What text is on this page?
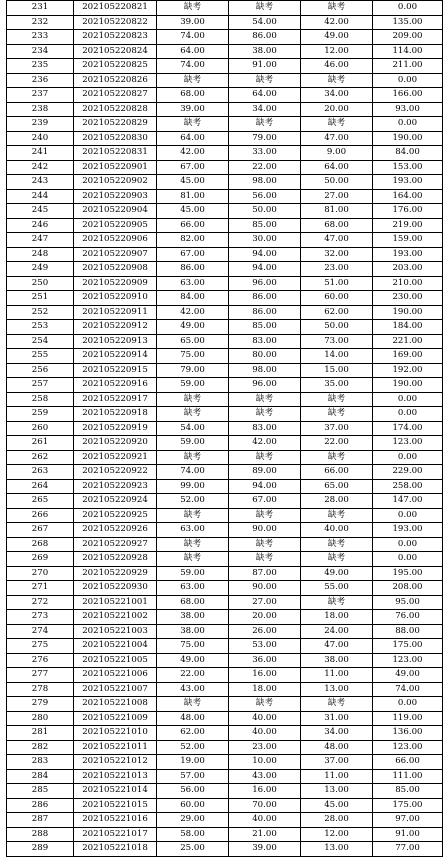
231	202105220821	缺考	缺考	缺考	0.00
232	202105220822	39.00	54.00	42.00	135.00
233	202105220823	74.00	86.00	49.00	209.00
234	202105220824	64.00	38.00	12.00	114.00
235	202105220825	74.00	91.00	46.00	211.00
236	202105220826	缺考	缺考	缺考	0.00
237	202105220827	68.00	64.00	34.00	166.00
238	202105220828	39.00	34.00	20.00	93.00
239	202105220829	缺考	缺考	缺考	0.00
240	202105220830	64.00	79.00	47.00	190.00
241	202105220831	42.00	33.00	9.00	84.00
242	202105220901	67.00	22.00	64.00	153.00
243	202105220902	45.00	98.00	50.00	193.00
244	202105220903	81.00	56.00	27.00	164.00
245	202105220904	45.00	50.00	81.00	176.00
246	202105220905	66.00	85.00	68.00	219.00
247	202105220906	82.00	30.00	47.00	159.00
248	202105220907	67.00	94.00	32.00	193.00
249	202105220908	86.00	94.00	23.00	203.00
250	202105220909	63.00	96.00	51.00	210.00
251	202105220910	84.00	86.00	60.00	230.00
252	202105220911	42.00	86.00	62.00	190.00
253	202105220912	49.00	85.00	50.00	184.00
254	202105220913	65.00	83.00	73.00	221.00
255	202105220914	75.00	80.00	14.00	169.00
256	202105220915	79.00	98.00	15.00	192.00
257	202105220916	59.00	96.00	35.00	190.00
258	202105220917	缺考	缺考	缺考	0.00
259	202105220918	缺考	缺考	缺考	0.00
260	202105220919	54.00	83.00	37.00	174.00
261	202105220920	59.00	42.00	22.00	123.00
262	202105220921	缺考	缺考	缺考	0.00
263	202105220922	74.00	89.00	66.00	229.00
264	202105220923	99.00	94.00	65.00	258.00
265	202105220924	52.00	67.00	28.00	147.00
266	202105220925	缺考	缺考	缺考	0.00
267	202105220926	63.00	90.00	40.00	193.00
268	202105220927	缺考	缺考	缺考	0.00
269	202105220928	缺考	缺考	缺考	0.00
270	202105220929	59.00	87.00	49.00	195.00
271	202105220930	63.00	90.00	55.00	208.00
272	202105221001	68.00	27.00	缺考	95.00
273	202105221002	38.00	20.00	18.00	76.00
274	202105221003	38.00	26.00	24.00	88.00
275	202105221004	75.00	53.00	47.00	175.00
276	202105221005	49.00	36.00	38.00	123.00
277	202105221006	22.00	16.00	11.00	49.00
278	202105221007	43.00	18.00	13.00	74.00
279	202105221008	缺考	缺考	缺考	0.00
280	202105221009	48.00	40.00	31.00	119.00
281	202105221010	62.00	40.00	34.00	136.00
282	202105221011	52.00	23.00	48.00	123.00
283	202105221012	19.00	10.00	37.00	66.00
284	202105221013	57.00	43.00	11.00	111.00
285	202105221014	56.00	16.00	13.00	85.00
286	202105221015	60.00	70.00	45.00	175.00
287	202105221016	29.00	40.00	28.00	97.00
288	202105221017	58.00	21.00	12.00	91.00
289	202105221018	25.00	39.00	13.00	77.00
